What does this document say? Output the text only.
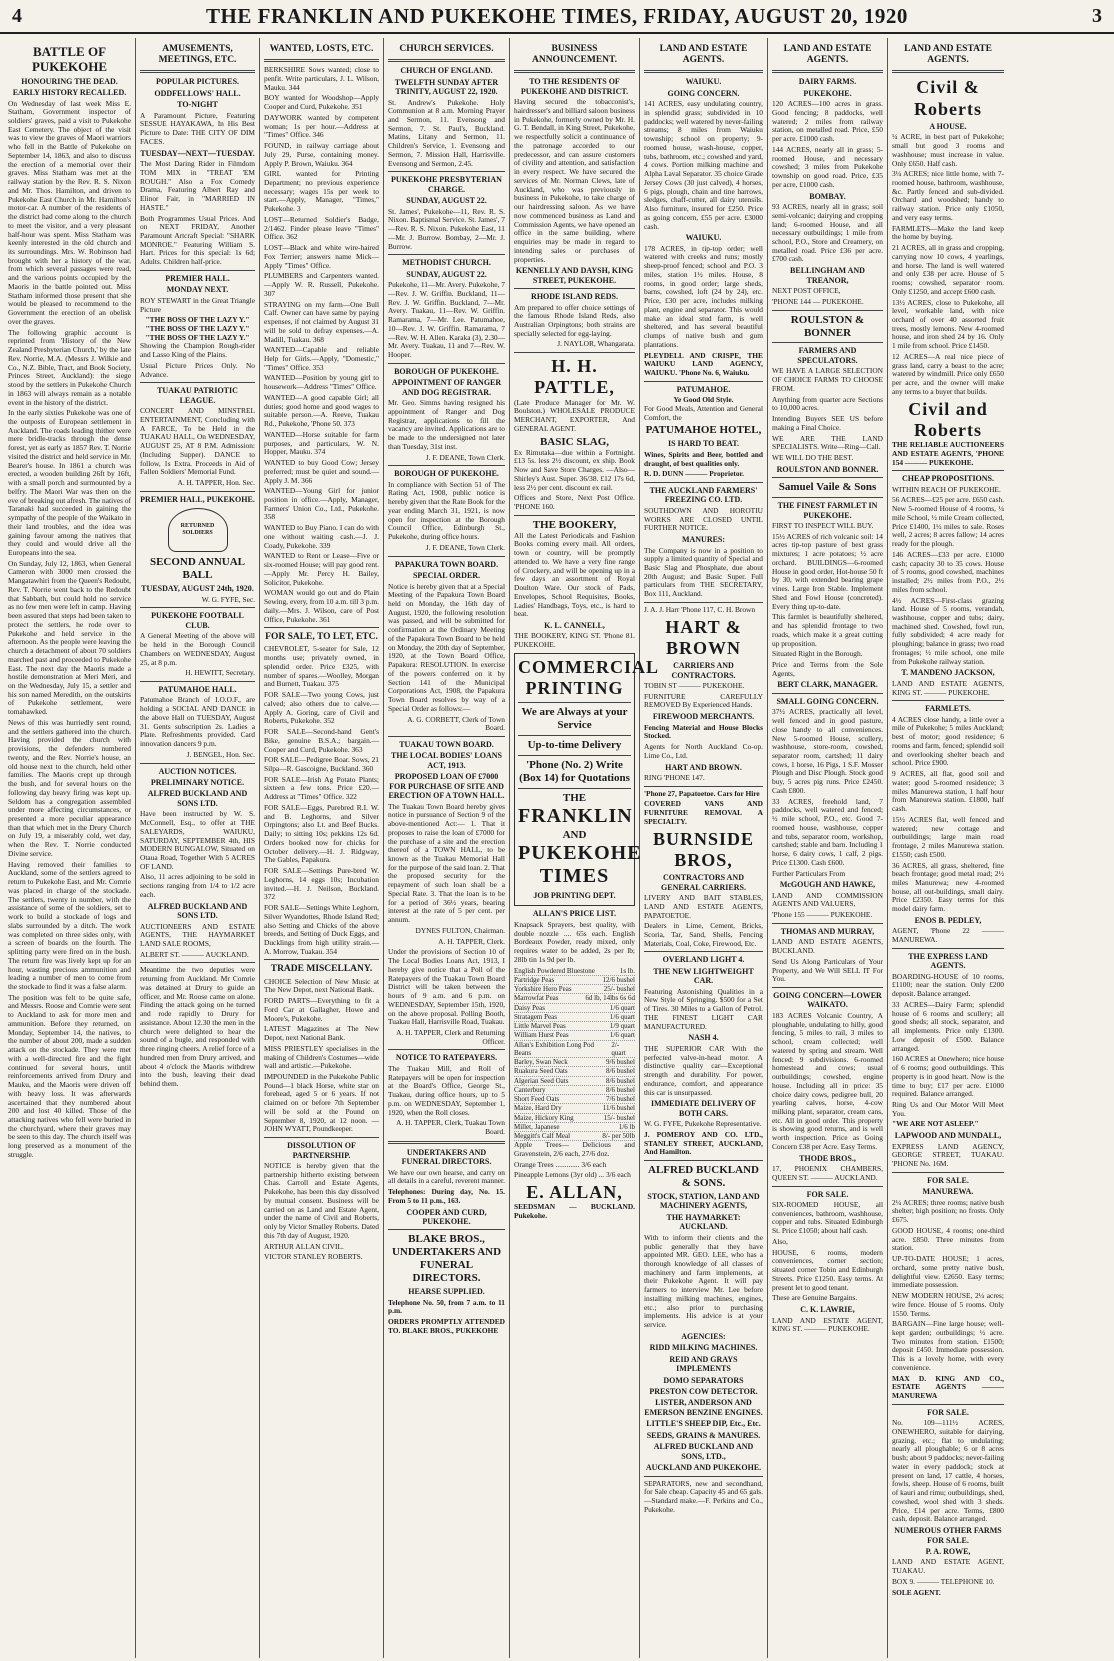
4	THE FRANKLIN AND PUKEKOHE TIMES, FRIDAY, AUGUST 20, 1920	3
BATTLE OF PUKEKOHE
HONOURING THE DEAD.
EARLY HISTORY RECALLED.

On Wednesday of last week Miss E. Statham, Government inspector of soldiers' graves, paid a visit to Pukekohe East Cemetery. The object of the visit was to view the graves of Maori warriors who fell in the Battle of Pukekohe on September 14, 1863, and also to discuss the erection of a memorial over their graves. Miss Statham was met at the railway station by the Rev. R. S. Nixon and Mr. Thos. Hamilton, and driven to Pukekohe East Church in Mr. Hamilton's motor-car. A number of the residents of the district had come along to the church to meet the visitor, and a very pleasant half-hour was spent. Miss Statham was keenly interested in the old church and its surroundings. Mrs. W. Robinson had brought with her a history of the war, from which several passages were read, and the various points occupied by the Maoris in the battle pointed out. Miss Statham informed those present that she would be pleased to recommend to the Government the erection of an obelisk over the graves.

The following graphic account is reprinted from 'History of the New Zealand Presbyterian Church,' by the late Rev. Norrie, M.A. (Messrs J. Wilkie and Co., N.Z. Bible, Tract, and Book Society, Princes Street, Auckland): the siege stood by the settlers in Pukekohe Church in 1863 will always remain as a notable event in the history of the district.

In the early sixties Pukekohe was one of the outposts of European settlement in Auckland. The roads leading thither were mere bridle-tracks through the dense forest, yet as early as 1857 Rev. T. Norrie visited the district and held service in Mr. Bearer's house. In 1861 a church was erected, a wooden building 26ft by 16ft, with a small porch and surmounted by a belfry. The Maori War was then on the eve of breaking out afresh. The natives of Taranaki had succeeded in gaining the sympathy of the people of the Waikato in their land troubles, and the idea was gaining favour among the natives that they could and would drive all the Europeans into the sea.

On Sunday, July 12, 1863, when General Cameron with 3000 men crossed the Mangatawhiri from the Queen's Redoubt, Rev. T. Norrie went back to the Redoubt that Sabbath, but could hold no service as no few men were left in camp. Having been assured that steps had been taken to protect the settlers, he rode over to Pukekohe and held service in the afternoon. As the people were leaving the church a detachment of about 70 soldiers marched past and proceeded to Pukekohe East. The next day the Maoris made a hostile demonstration at Meri Meri, and on the Wednesday, July 15, a settler and his son named Meredith, on the outskirts of Pukekohe settlement, were tomahawked.

News of this was hurriedly sent round, and the settlers gathered into the church. Having provided the church with provisions, the defenders numbered twenty, and the Rev. Norrie's house, an old house next to the church, held other families. The Maoris crept up through the bush, and for several hours on the following day heavy firing was kept up. Seldom has a congregation assembled under more affecting circumstances, or presented a more peculiar appearance than that which met in the Drury Church on July 19, a miserably cold, wet day, when the Rev. T. Norrie conducted Divine service.

Having removed their families to Auckland, some of the settlers agreed to return to Pukekohe East, and Mr. Comrie was placed in charge of the stockade. The settlers, twenty in number, with the assistance of some of the soldiers, set to work to build a stockade of logs and slabs surrounded by a ditch. The work was completed on three sides only, with a screen of boards on the fourth. The splitting party were fired on in the bush. The return fire was lively kept up for an hour, wasting precious ammunition and leading a number of men to come from the stockade to find it was a false alarm.

The position was felt to be quite safe, and Messrs. Roose and Comrie were sent to Auckland to ask for more men and ammunition. Before they returned, on Monday, September 14, the natives, to the number of about 200, made a sudden attack on the stockade. They were met with a well-directed fire and the fight continued for several hours, until reinforcements arrived from Drury and Mauku, and the Maoris were driven off with heavy loss. It was afterwards ascertained that they numbered about 200 and lost 40 killed. Those of the attacking natives who fell were buried in the churchyard, where their graves may be seen to this day. The church itself was long preserved as a monument of the struggle.

AMUSEMENTS, MEETINGS, ETC.
POPULAR PICTURES.
ODDFELLOWS' HALL.
TO-NIGHT

A Paramount Picture, Featuring SESSUE HAYAKAWA, In His Best Picture to Date: THE CITY OF DIM FACES.

TUESDAY—NEXT—TUESDAY.

The Most Daring Rider in Filmdom TOM MIX in "TREAT 'EM ROUGH." Also a Fox Comedy Drama, Featuring Albert Ray and Elinor Fair, in "MARRIED IN HASTE."

Both Programmes Usual Prices. And on NEXT FRIDAY, Another Paramount Artcraft Special: "SHARK MONROE." Featuring William S. Hart. Prices for this special: 1s 6d; Adults. Children half-price.

PREMIER HALL.
MONDAY NEXT.

ROY STEWART in the Great Triangle Picture

"THE BOSS OF THE LAZY Y."
"THE BOSS OF THE LAZY Y."
"THE BOSS OF THE LAZY Y."

Showing the Champion Rough-rider and Lasso King of the Plains.

Usual Picture Prices Only. No Advance.

TUAKAU PATRIOTIC LEAGUE.

CONCERT AND MINSTREL ENTERTAINMENT, Concluding with A FARCE, To be Held in the TUAKAU HALL, On WEDNESDAY, AUGUST 25, AT 8 P.M. Admission: (Including Supper). DANCE to follow, 1s Extra. Proceeds in Aid of Fallen Soldiers' Memorial Fund.

A. H. TAPPER, Hon. Sec.

PREMIER HALL, PUKEKOHE.
RETURNED SOLDIERS
SECOND ANNUAL BALL
TUESDAY, AUGUST 24th, 1920.

W. G. FYFE, Sec.

PUKEKOHE FOOTBALL CLUB.

A General Meeting of the above will be held in the Borough Council Chambers on WEDNESDAY, August 25, at 8 p.m.

H. HEWITT, Secretary.

PATUMAHOE HALL.

Patumahoe Branch of I.O.O.F., are holding a SOCIAL AND DANCE in the above Hall on TUESDAY, August 31. Gents subscription 2s. Ladies a Plate. Refreshments provided. Card innovation dancers 9 p.m.

J. BENGEL, Hon. Sec.

AUCTION NOTICES.
PRELIMINARY NOTICE.
ALFRED BUCKLAND AND SONS LTD.

Have been instructed by W. S. McConnell, Esq., to offer at THE SALEYARDS, WAIUKU, SATURDAY, SEPTEMBER 4th, HIS MODERN BUNGALOW, Situated on Otaua Road, Together With 5 ACRES OF LAND.

Also, 11 acres adjoining to be sold in sections ranging from 1/4 to 1/2 acre each.

ALFRED BUCKLAND AND SONS LTD.

AUCTIONEERS AND ESTATE AGENTS, THE HAYMARKET LAND SALE ROOMS,

ALBERT ST. ——— AUCKLAND.

Meantime the two deputies were returning from Auckland. Mr Comrie was detained at Drury to guide an officer, and Mr. Roose came on alone. Finding the attack going on he turned and rode rapidly to Drury for assistance. About 12.30 the men in the church were delighted to hear the sound of a bugle, and responded with three ringing cheers. A relief force of a hundred men from Drury arrived, and about 4 o'clock the Maoris withdrew into the bush, leaving their dead behind them.

WANTED, LOSTS, ETC.

BERKSHIRE Sows wanted; close to penfit. Write particulars, J. L. Wilson, Mauku. 344

BOY wanted for Woodshop—Apply Cooper and Curd, Pukekohe. 351

DAYWORK wanted by competent woman; 1s per hour.—Address at "Times" Office. 346

FOUND, in railway carriage about July 29, Purse, containing money. Apply P. Brown, Waiuku. 364

GIRL wanted for Printing Department; no previous experience necessary; wages 15s per week to start.—Apply, Manager, "Times," Pukekohe. 3

LOST—Returned Soldier's Badge, 2/1462. Finder please leave "Times" Office. 362

LOST—Black and white wire-haired Fox Terrier; answers name Mick—Apply "Times" Office.

PLUMBERS and Carpenters wanted.—Apply W. R. Russell, Pukekohe. 307

STRAYING on my farm—One Bull Calf. Owner can have same by paying expenses, if not claimed by August 31 will be sold to defray expenses.—A. Madill, Tuakau. 368

WANTED—Capable and reliable Help for Girls.—Apply, "Domestic," "Times" Office. 353

WANTED—Position by young girl to housework—Address "Times" Office.

WANTED—A good capable Girl; all duties; good home and good wages to suitable person.—A. Reeve, Tuakau Rd., Pukekohe, 'Phone 50. 373

WANTED—Horse suitable for farm purposes, and particulars, W. N. Hopper, Mauku. 374

WANTED to buy Good Cow; Jersey preferred; must be quiet and sound.—Apply J. M. 366

WANTED—Young Girl for junior position in office.—Apply, Manager, Farmers' Union Co., Ltd., Pukekohe. 358

WANTED to Buy Piano. I can do with one without waiting cash.—J. J. Coady, Pukekohe. 339

WANTED to Rent or Lease—Five or six-roomed House; will pay good rent.—Apply Mr. Percy H. Bailey, Solicitor, Pukekohe.

WOMAN would go out and do Plain Sewing, every, from 10 a.m. till 3 p.m. daily.—Mrs. J. Wilson, care of Post Office, Pukekohe. 361

FOR SALE, TO LET, ETC.

CHEVROLET, 5-seater for Sale, 12 months use; privately owned, in splendid order. Price £325, with number of spares.—Woolley, Morgan and Burnett, Tuakau. 375

FOR SALE—Two young Cows, just calved; also others due to calve.—Apply A. Goring, care of Civil and Roberts, Pukekohe. 352

FOR SALE—Second-hand Gent's Bike, genuine B.S.A.; bargain.—Cooper and Curd, Pukekohe. 363

FOR SALE—Pedigree Boar. Sows, 21 Silpa—R. Gascoigne, Buckland. 360

FOR SALE—Irish Ag Potato Plants; sixteen a few tons. Price £20.—Address at "Times" Office. 322

FOR SALE—Eggs, Purebred R.I. W. and B. Leghorns, and Silver Orpingtons; also Lt. and Beef Bucks. Daily; to sitting 10s; pekkins 12s 6d. Orders booked now for chicks for October delivery.—H. J. Ridgway, The Gables, Papakura.

FOR SALE—Settings Pure-bred W. Leghorns, 14 eggs 10s; Incubation invited.—H. J. Neilson, Buckland. 372

FOR SALE—Settings White Leghorn, Silver Wyandottes, Rhode Island Red; also Setting and Chicks of the above breeds, and Setting of Duck Eggs, and Ducklings from high utility strain.—A. Morrow, Tuakau. 354

TRADE MISCELLANY.

CHOICE Selection of New Music at The New Depot, next National Bank.

FORD PARTS—Everything to fit a Ford Car at Gallagher, Howe and Moore's, Pukekohe.

LATEST Magazines at The New Depot, next National Bank.

MISS PRIESTLEY specialises in the making of Children's Costumes—wide wall and artistic.—Pukekohe.

IMPOUNDED in the Pukekohe Public Pound—1 black Horse, white star on forehead, aged 5 or 6 years. If not claimed on or before 7th September will be sold at the Pound on September 8, 1920, at 12 noon. — JOHN WYATT, Poundkeeper.

DISSOLUTION OF PARTNERSHIP.

NOTICE is hereby given that the partnership hitherto existing between Chas. Carroll and Estate Agents, Pukekohe, has been this day dissolved by mutual consent. Business will be carried on as Land and Estate Agent, under the name of Civil and Roberts, only by Victor Smalley Roberts. Dated this 7th day of August, 1920.

ARTHUR ALLAN CIVIL.

VICTOR STANLEY ROBERTS.

CHURCH SERVICES.
CHURCH OF ENGLAND.
TWELFTH SUNDAY AFTER TRINITY, AUGUST 22, 1920.

St. Andrew's Pukekohe. Holy Communion at 8 a.m. Morning Prayer and Sermon, 11. Evensong and Sermon, 7. St. Paul's, Buckland. Matins, Litany and Sermon, 11. Children's Service, 1. Evensong and Sermon, 7. Mission Hall, Harrisville. Evensong and Sermon, 2.45.

PUKEKOHE PRESBYTERIAN CHARGE.
SUNDAY, AUGUST 22.

St. James', Pukekohe—11, Rev. R. S. Nixon. Baptismal Service. St. James', 7—Rev. R. S. Nixon. Pukekohe East, 11—Mr. J. Burrow. Bombay, 2—Mr. J. Burrow.

METHODIST CHURCH.
SUNDAY, AUGUST 22.

Pukekohe, 11—Mr. Avery. Pukekohe, 7—Rev. J. W. Griffin. Buckland, 11—Rev. J. W. Griffin. Buckland, 7—Mr. Avery. Tuakau, 11—Rev. W. Griffin. Ramarama, 7—Mr. Lee. Patumahoe, 10—Rev. J. W. Griffin. Ramarama, 7—Rev. W. H. Allen. Karaka (3), 2.30—Mr. Avery. Tuakau, 11 and 7—Rev. W. Hooper.

BOROUGH OF PUKEKOHE.
APPOINTMENT OF RANGER AND DOG REGISTRAR.

Mr. Geo. Simms having resigned his appointment of Ranger and Dog Registrar, applications to fill the vacancy are invited. Applications are to be made to the undersigned not later than Tuesday, 31st inst.

J. F. DEANE, Town Clerk.

BOROUGH OF PUKEKOHE.

In compliance with Section 51 of The Rating Act, 1908, public notice is hereby given that the Rate Book for the year ending March 31, 1921, is now open for inspection at the Borough Council Office, Edinburgh St., Pukekohe, during office hours.

J. F. DEANE, Town Clerk.

PAPAKURA TOWN BOARD.
SPECIAL ORDER.

Notice is hereby given that at a Special Meeting of the Papakura Town Board held on Monday, the 16th day of August, 1920, the following resolution was passed, and will be submitted for confirmation at the Ordinary Meeting of the Papakura Town Board to be held on Monday, the 20th day of September, 1920, at the Town Board Office, Papakura: RESOLUTION. In exercise of the powers conferred on it by Section 141 of the Municipal Corporations Act, 1908, the Papakura Town Board resolves by way of a Special Order as follows:—

A. G. CORBETT, Clerk of Town Board.

TUAKAU TOWN BOARD.
THE LOCAL BODIES' LOANS ACT, 1913.
PROPOSED LOAN OF £7000 FOR PURCHASE OF SITE AND ERECTION OF A TOWN HALL.

The Tuakau Town Board hereby gives notice in pursuance of Section 9 of the above-mentioned Act:— 1. That it proposes to raise the loan of £7000 for the purchase of a site and the erection thereof of a TOWN HALL, to be known as the Tuakau Memorial Hall for the purpose of the said loan. 2. That the proposed security for the repayment of such loan shall be a Special Rate. 3. That the loan is to be for a period of 36½ years, bearing interest at the rate of 5 per cent. per annum.

DYNES FULTON, Chairman.

A. H. TAPPER, Clerk.

Under the provisions of Section 10 of The Local Bodies Loans Act, 1913, I hereby give notice that a Poll of the Ratepayers of the Tuakau Town Board District will be taken between the hours of 9 a.m. and 6 p.m. on WEDNESDAY, September 15th, 1920, on the above proposal. Polling Booth, Tuakau Hall, Harrisville Road, Tuakau.

A. H. TAPPER, Clerk and Returning Officer.

NOTICE TO RATEPAYERS.

The Tuakau Mill, and Roll of Ratepayers will be open for inspection at the Board's Office, George St., Tuakau, during office hours, up to 5 p.m. on WEDNESDAY, September 1, 1920, when the Roll closes.

A. H. TAPPER, Clerk, Tuakau Town Board.

UNDERTAKERS AND FUNERAL DIRECTORS.

We have our own hearse, and carry on all details in a careful, reverent manner.

Telephones: During day, No. 15. From 5 to 11 p.m., 163.

COOPER AND CURD, PUKEKOHE.
BLAKE BROS., UNDERTAKERS AND FUNERAL DIRECTORS.
HEARSE SUPPLIED.

Telephone No. 50, from 7 a.m. to 11 p.m.

ORDERS PROMPTLY ATTENDED TO. BLAKE BROS., PUKEKOHE

BUSINESS ANNOUNCEMENT.
TO THE RESIDENTS OF PUKEKOHE AND DISTRICT.

Having secured the tobacconist's, hairdresser's and billiard saloon business in Pukekohe, formerly owned by Mr. H. G. T. Bendall, in King Street, Pukekohe, we respectfully solicit a continuance of the patronage accorded to our predecessor, and can assure customers of civility and attention, and satisfaction in every respect. We have secured the services of Mr. Norman Clews, late of Auckland, who was previously in business in Pukekohe, to take charge of our hairdressing saloon. As we have now commenced business as Land and Commission Agents, we have opened an office in the same building, where enquiries may be made in regard to intending sales or purchases of properties.

KENNELLY AND DAYSH, KING STREET, PUKEKOHE.
RHODE ISLAND REDS.

Am prepared to offer choice settings of the famous Rhode Island Reds, also Australian Orpingtons; both strains are specially selected for egg-laying.

J. NAYLOR, Whangarata.

H. H. PATTLE,

(Late Produce Manager for Mr. W. Boulston.) WHOLESALE PRODUCE MERCHANT, EXPORTER, And GENERAL AGENT.

BASIC SLAG,

Ex Rimutaka—due within a Fortnight. £13 5s. less 2½ discount, ex ship. Book Now and Save Store Charges. —Also— Shirley's Aust. Super. 36/38. £12 17s 6d, less 2½ per cent. discount ex rail.

Offices and Store, Next Post Office. 'PHONE 160.

THE BOOKERY,

All the Latest Periodicals and Fashion Books coming every mail. All orders, town or country, will be promptly attended to. We have a very fine range of Crockery, and will be opening up in a few days an assortment of Royal Doulton Ware. Our stock of Pads, Envelopes, School Requisites, Books, Ladies' Handbags, Toys, etc., is hard to beat.

K. L. CANNELL,

THE BOOKERY, KING ST. 'Phone 81. PUKEKOHE.

COMMERCIAL
PRINTING
We are Always at your Service
Up-to-time Delivery
'Phone (No. 2) Write (Box 14) for Quotations
THE
FRANKLIN
AND
PUKEKOHE
TIMES
JOB PRINTING DEPT.
ALLAN'S PRICE LIST.

Knapsack Sprayers, best quality, with double nozzle .... 65s each. English Bordeaux Powder, ready mixed, only requires water to be added, 2s per lb; 28lb tin 1s 9d per lb.

English Powdered Bluestone	1s lb.
Partridge Peas	12/6 bushel
Yorkshire Hero Peas	25/- bushel
Marrowfat Peas	6d lb, 14lbs 6s 6d
Daisy Peas	1/6 quart
Stratagem Peas	1/6 quart
Little Marvel Peas	1/9 quart
William Hurst Peas	1/6 quart
Allan's Exhibition Long Pod Beans
2/- quart
Barley, Swan Neck	9/6 bushel
Ruakura Seed Oats	8/6 bushel
Algerian Seed Oats	8/6 bushel
Canterbury	8/6 bushel
Short Feed Oats	7/6 bushel
Maize, Hard Dry	11/6 bushel
Maize, Hickory King	15/- bushel
Millet, Japanese	1/6 lb
Meggitt's Calf Meal	8/- per 50lb

Apple Trees— Delicious and Gravenstein, 2/6 each, 27/6 doz.

Orange Trees ............. 3/6 each

Pineapple Lemons (3yr old) ... 3/6 each

E. ALLAN,

SEEDSMAN — BUCKLAND. Pukekohe.

LAND AND ESTATE AGENTS.
WAIUKU.
GOING CONCERN.

141 ACRES, easy undulating country, in splendid grass; subdivided in 10 paddocks; well watered by never-failing streams; 8 miles from Waiuku township; school on property; 9-roomed house, wash-house, copper, tubs, bathroom, etc.; cowshed and yard, 4 cows. Portion milking machine and Alpha Laval Separator. 35 choice Grade Jersey Cows (30 just calved), 4 horses, 6 pigs, plough, chain and tine harrows, sledges, chaff-cutter, all dairy utensils. Also furniture, insured for £250. Price as going concern, £55 per acre. £3000 cash.

WAIUKU.

178 ACRES, in tip-top order; well watered with creeks and runs; mostly sheep-proof fenced; school and P.O. 3 miles, station 1½ miles. House, 8 rooms, in good order; large sheds, barns, cowshed, loft (24 by 24), etc. Price, £30 per acre, includes milking plant, engine and separator. This would make an ideal stud farm, is well sheltered, and has several beautiful clumps of native bush and gum plantations.

PLEYDELL AND CRISPE, THE WAIUKU LAND AGENCY, WAIUKU. 'Phone No. 6, Waiuku.

PATUMAHOE.
Ye Good Old Style.

For Good Meals, Attention and General Comfort, the

PATUMAHOE HOTEL,
IS HARD TO BEAT.

Wines, Spirits and Beer, bottled and draught, of best qualities only.

R. D. DUNN ——— Proprietor.

THE AUCKLAND FARMERS' FREEZING CO. LTD.

SOUTHDOWN AND HOROTIU WORKS ARE CLOSED UNTIL FURTHER NOTICE.

MANURES:

The Company is now in a position to supply a limited quantity of Special and Basic Slag and Phosphate, due about 20th August; and Basic Super. Full particulars from THE SECRETARY, Box 111, Auckland.

J. A. J. Harr 'Phone 117, C. H. Brown

HART & BROWN
CARRIERS AND CONTRACTORS.

TOBIN ST ——— PUKEKOHE.

FURNITURE CAREFULLY REMOVED By Experienced Hands.

FIREWOOD MERCHANTS.

Fencing Material and House Blocks Stocked.

Agents for North Auckland Co-op. Lime Co., Ltd.

HART AND BROWN.

RING 'PHONE 147.

'Phone 27, Papatoetoe. Cars for Hire

COVERED VANS AND FURNITURE REMOVAL A SPECIALTY.

BURNSIDE BROS,
CONTRACTORS AND GENERAL CARRIERS.

LIVERY AND BAIT STABLES, LAND AND ESTATE AGENTS, PAPATOETOE.

Dealers in Lime, Cement, Bricks, Scoria, Tar, Sand, Shells, Fencing Materials, Coal, Coke, Firewood, Etc.

OVERLAND LIGHT 4.
THE NEW LIGHTWEIGHT CAR.

Featuring Astonishing Qualities in a New Style of Springing. $500 for a Set of Tires. 30 Miles to a Gallon of Petrol. THE FINEST LIGHT CAR MANUFACTURED.

NASH 4.

THE SUPERIOR CAR With the perfected valve-in-head motor. A distinctive quality car—Exceptional strength and durability. For power, endurance, comfort, and appearance this car is unsurpassed.

IMMEDIATE DELIVERY OF BOTH CARS.

W. G. FYFE, Pukekohe Representative.

J. POMEROY AND CO. LTD., STANLEY STREET, AUCKLAND, And Hamilton.

ALFRED BUCKLAND & SONS.
STOCK, STATION, LAND AND MACHINERY AGENTS,
THE HAYMARKET: AUCKLAND.

With to inform their clients and the public generally that they have appointed MR. GEO. LEE, who has a thorough knowledge of all classes of machinery and farm implements, at their Pukekohe Agent. It will pay farmers to interview Mr. Lee before installing milking machines, engines, etc.; also prior to purchasing implements. His advice is at your service.

AGENCIES:
RIDD MILKING MACHINES.
REID AND GRAYS IMPLEMENTS
DOMO SEPARATORS
PRESTON COW DETECTOR.
LISTER, ANDERSON AND EMERSON BENZINE ENGINES.
LITTLE'S SHEEP DIP, Etc., Etc.
SEEDS, GRAINS & MANURES.
ALFRED BUCKLAND AND SONS, LTD.,
AUCKLAND AND PUKEKOHE.

SEPARATORS, new and secondhand, for Sale cheap. Capacity 45 and 65 gals.—Standard make.—F. Perkins and Co., Pukekohe.

LAND AND ESTATE AGENTS.
DAIRY FARMS.
PUKEKOHE.

120 ACRES—100 acres in grass. Good fencing; 8 paddocks, well watered; 2 miles from railway station, on metalled road. Price, £50 per acre. £1000 cash.

144 ACRES, nearly all in grass; 5-roomed House, and necessary cowshed; 3 miles from Pukekohe township on good road. Price, £35 per acre, £1000 cash.

BOMBAY.

93 ACRES, nearly all in grass; soil semi-volcanic; dairying and cropping land; 6-roomed House, and all necessary outbuildings; 1 mile from school, P.O., Store and Creamery, on metalled road. Price £36 per acre. £700 cash.

BELLINGHAM AND TREANOR,

NEXT POST OFFICE,

'PHONE 144 — PUKEKOHE.

ROULSTON & BONNER
FARMERS AND SPECULATORS.

WE HAVE A LARGE SELECTION OF CHOICE FARMS TO CHOOSE FROM.

Anything from quarter acre Sections to 10,000 acres.

Intending Buyers SEE US before making a Final Choice.

WE ARE THE LAND SPECIALISTS. Write—Ring—Call.

WE WILL DO THE BEST.

ROULSTON AND BONNER.
Samuel Vaile & Sons
THE FINEST FARMLET IN PUKEKOHE.

FIRST TO INSPECT WILL BUY.

15½ ACRES of rich volcanic soil: 14 acres tip-top pasture of best grass mixtures; 1 acre potatoes; ½ acre orchard. BUILDINGS—6-roomed House in good order, Hot-house 50 ft by 30, with extended bearing grape vines. Large Iron Stable. Implement Shed and Fowl House (concreted). Every thing up-to-date.

This farmlet is beautifully sheltered, and has splendid frontage to two roads, which make it a great cutting up proposition.

Situated Right in the Borough.

Price and Terms from the Sole Agents,

BERT CLARK, MANAGER.
SMALL GOING CONCERN.

37½ ACRES, practically all level, well fenced and in good pasture, close handy to all conveniences. New 5-roomed House, scullery, washhouse, store-room, cowshed, separator room, cartshed; 11 dairy cows, 1 horse, 16 Pigs, 1 S.F. Mosser Plough and Disc Plough. Stock good buy, 5 acres pig runs. Price £2450. Cash £800.

33 ACRES, freehold land, 7 paddocks, well watered and fenced; ½ mile school, P.O., etc. Good 7-roomed house, washhouse, copper and tubs, separator room, workshop, cartshed; stable and barn. Including 1 horse, 6 dairy cows, 1 calf, 2 pigs. Price £1300. Cash £600.

Further Particulars From

McGOUGH AND HAWKE,

LAND AND COMMISSION AGENTS AND VALUERS,

'Phone 155 ——— PUKEKOHE.

THOMAS AND MURRAY,

LAND AND ESTATE AGENTS, BUCKLAND.

Send Us Along Particulars of Your Property, and We Will SELL IT For You.

GOING CONCERN—LOWER WAIKATO.

183 ACRES Volcanic Country, A ploughable, undulating to hilly, good fencing, 5 miles to rail, 3 miles to school, cream collected; well watered by spring and stream. Well fenced: 9 subdivisions. 6-roomed homestead and cows; usual outbuildings; cowshed, engine house. Including all in price: 35 choice dairy cows, pedigree bull, 20 yearling calves, horse, 4-cow milking plant, separator, cream cans, etc. All in good order. This property is showing good returns, and is well worth inspection. Price as Going Concern £38 per Acre. Easy Terms.

THODE BROS.,

17, PHOENIX CHAMBERS, QUEEN ST. ——— AUCKLAND.

FOR SALE.

SIX-ROOMED HOUSE, all conveniences, bathroom, washhouse, copper and tubs. Situated Edinburgh St. Price £1050; about half cash.

Also,

HOUSE, 6 rooms, modern conveniences, corner section; situated corner Tobin and Edinburgh Streets. Price £1250. Easy terms. At present let to good tenant.

These are Genuine Bargains.

C. K. LAWRIE,

LAND AND ESTATE AGENT, KING ST. ——— PUKEKOHE.

LAND AND ESTATE AGENTS.
Civil & Roberts
A HOUSE.

¼ ACRE, in best part of Pukekohe; small but good 3 rooms and washhouse; must increase in value. Only £650. Half cash.

3¼ ACRES; nice little home, with 7-roomed house, bathroom, washhouse, &c. Partly fenced and sub-divided. Orchard and woodshed; handy to railway station. Price only £1050, and very easy terms.

FARMLETS—Make the land keep the home by buying.

21 ACRES, all in grass and cropping, carrying now 10 cows, 4 yearlings, and horse. The land is well watered and only £38 per acre. House of 5 rooms; cowshed, separator room. Only £1250, and accept £600 cash.

13½ ACRES, close to Pukekohe, all level, workable land, with nice orchard of over 40 assorted fruit trees, mostly lemons. New 4-roomed house, and iron shed 24 by 16. Only 1 mile from school. Price £1450.

12 ACRES—A real nice piece of grass land, carry a beast to the acre; watered by windmill. Price only £650 per acre, and the owner will make any terms to a buyer that builds.

Civil and Roberts

THE RELIABLE AUCTIONEERS AND ESTATE AGENTS, 'PHONE 154 ——— PUKEKOHE.

CHEAP PROPOSITIONS.

WITHIN REACH OF PUKEKOHE.

56 ACRES—£25 per acre. £650 cash. New 5-roomed House of 4 rooms, ¼ mile School, ½ mile Cream collected, Price £1400, 1½ miles to sale. Roses well, 2 acres; 8 acres fallow; 14 acres ready for the plough.

146 ACRES—£33 per acre. £1000 cash; capacity 30 to 35 cows. House of 5 rooms, good cowshed, machines installed; 2½ miles from P.O., 2½ miles from school.

4½ ACRES—First-class grazing land. House of 5 rooms, verandah, washhouse, copper and tubs; dairy, machined shed. Cowshed, fowl run, fully subdivided; 4 acre ready for ploughing; balance in grass; two road frontages; ½ mile school, one mile from Pukekohe railway station.

T. MANDENO JACKSON,

LAND AND ESTATE AGENTS, KING ST. ——— PUKEKOHE.

FARMLETS.

4 ACRES close handy, a little over a mile of Pukekohe; 5 miles Auckland; best of motor; good residence; 6 rooms and farm, fenced; splendid soil and overlooking shelter beach and school. Price £900.

9 ACRES, all flat, good soil and water; good 5-roomed residence; 3 miles Manurewa station, 1 half hour from Manurewa station. £1800, half cash.

15½ ACRES flat, well fenced and watered; new cottage and outbuildings; large main road frontage, 2 miles Manurewa station. £1550; cash £500.

36 ACRES, all grass, sheltered, fine beach frontage; good metal road; 2½ miles Manurewa; new 4-roomed house, all out-buildings, small dairy. Price £2350. Easy terms for this model dairy farm.

ENOS B. PEDLEY,

AGENT, 'Phone 22 ——— MANUREWA.

THE EXPRESS LAND AGENTS.

BOARDING-HOUSE of 10 rooms, £1100; near the station. Only £200 deposit. Balance arranged.

33 ACRES—Dairy Farm; splendid house of 6 rooms and scullery; all good sheds; all stock, separator, and all implements. Price only £1300. Low deposit of £500. Balance arranged.

160 ACRES at Onewhero; nice house of 6 rooms; good outbuildings. This property is in good heart. Now is the time to buy; £17 per acre. £1000 required. Balance arranged.

Ring Us and Our Motor Will Meet You.

"WE ARE NOT ASLEEP."

LAPWOOD AND MUNDALL,

EXPRESS LAND AGENCY, GEORGE STREET, TUAKAU. 'PHONE No. 16M.

FOR SALE.
MANUREWA.

2¼ ACRES; three rooms; native bush shelter; high position; no frosts. Only £675.

GOOD HOUSE, 4 rooms; one-third acre. £850. Three minutes from station.

UP-TO-DATE HOUSE; 1 acres, orchard, some pretty native bush, delightful view. £2650. Easy terms; immediate possession.

NEW MODERN HOUSE, 2¼ acres; wire fence. House of 5 rooms. Only 1550. Terms.

BARGAIN—Fine large house; well-kept garden; outbuildings; ½ acre. Two minutes from station. £1500; deposit £450. Immediate possession. This is a lovely home, with every convenience.

MAX D. KING AND CO., ESTATE AGENTS ——— MANUREWA

FOR SALE.

No. 109—111½ ACRES, ONEWHERO, suitable for dairying, grazing, etc.; flat to undulating; nearly all ploughable; 6 or 8 acres bush; about 9 paddocks; never-failing water in every paddock; stock at present on land, 17 cattle, 4 horses, fowls, sheep. House of 6 rooms, built of kauri and rimu; outbuildings, shed, cowshed, wool shed with 3 sheds. Price, £14 per acre. Terms, £800 cash, deposit. Balance arranged.

NUMEROUS OTHER FARMS FOR SALE.
P. A. ROWE,

LAND AND ESTATE AGENT, TUAKAU.

BOX 9. ——— TELEPHONE 10.

SOLE AGENT.
